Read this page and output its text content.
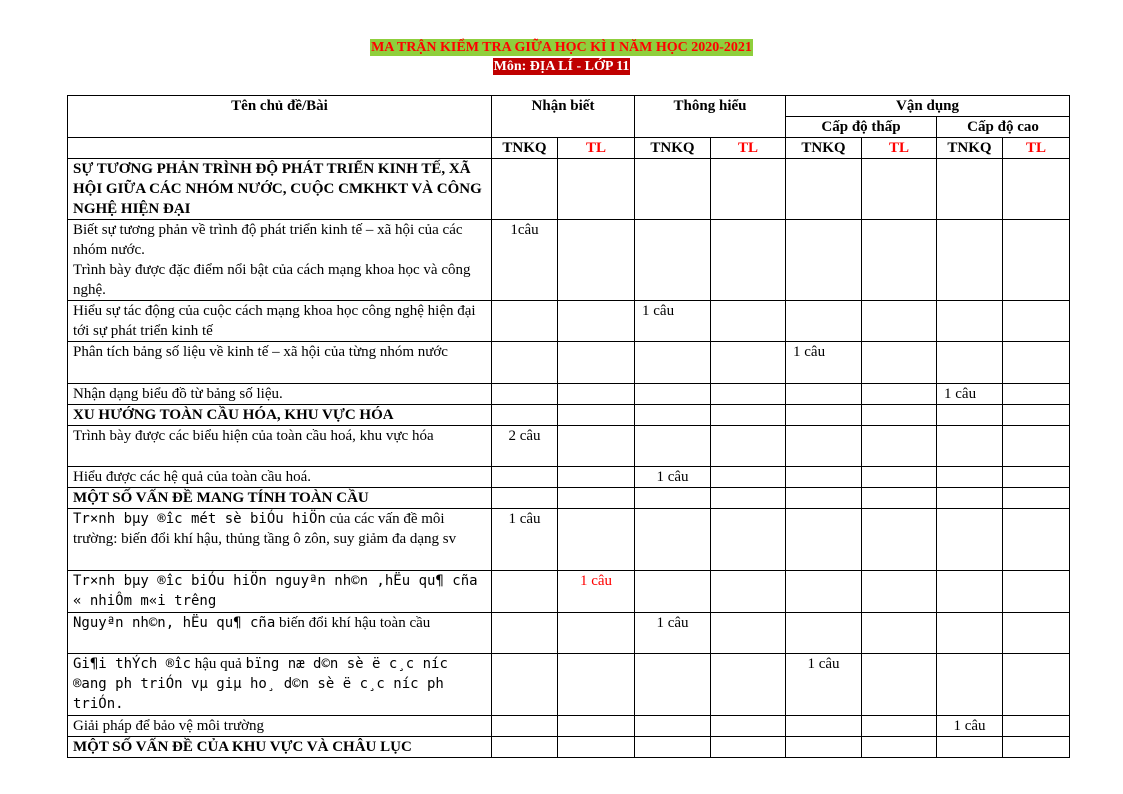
MA TRẬN KIỂM TRA GIỮA HỌC KÌ I NĂM HỌC 2020-2021
Môn: ĐỊA LÍ - LỚP 11
Tên chủ đề/Bài	Nhận biết		Thông hiểu		Vận dụng			
					Cấp độ thấp		Cấp độ cao	
	TNKQ	TL	TNKQ	TL	TNKQ	TL	TNKQ	TL
SỰ TƯƠNG PHẢN TRÌNH ĐỘ PHÁT TRIỂN KINH TẾ, XÃ HỘI GIỮA CÁC NHÓM NƯỚC, CUỘC CMKHKT VÀ CÔNG NGHỆ HIỆN ĐẠI								

Biết sự tương phản về trình độ phát triển kinh tế – xã hội của các nhóm nước.
Trình bày được đặc điểm nổi bật của cách mạng khoa học và công nghệ.	1câu							
Hiểu sự tác động của cuộc cách mạng khoa học công nghệ hiện đại tới sự phát triển kinh tế			1 câu					
Phân tích bảng số liệu về kinh tế – xã hội của từng nhóm nước					1 câu			
Nhận dạng biểu đồ từ bảng số liệu.							1 câu	
XU HƯỚNG TOÀN CẦU HÓA, KHU VỰC HÓA								
Trình bày được các biểu hiện của toàn cầu hoá, khu vực hóa	2 câu							
Hiểu được các hệ quả của toàn cầu hoá.			1 câu					
MỘT SỐ VẤN ĐỀ MANG TÍNH TOÀN CẦU								
Tr×nh bµy ®îc mét sè biÓu hiÖn của các vấn đề môi trường: biến đổi khí hậu, thủng tầng ô zôn, suy giảm đa dạng sv	1 câu							
Tr×nh bµy ®îc biÓu hiÖn nguyªn nh©n ,hËu qu¶ cña « nhiÔm m«i trêng		1 câu						
Nguyªn nh©n, hËu qu¶ cña biến đổi khí hậu toàn cầu			1 câu					
Gi¶i thÝch ®îc hậu quả bïng næ d©n sè ë c¸c níc ®ang ph triÓn vµ giµ ho¸ d©n sè ë c¸c níc ph triÓn.					1 câu			
Giải pháp để bảo vệ môi trường							1 câu	
MỘT SỐ VẤN ĐỀ CỦA KHU VỰC VÀ CHÂU LỤC								
